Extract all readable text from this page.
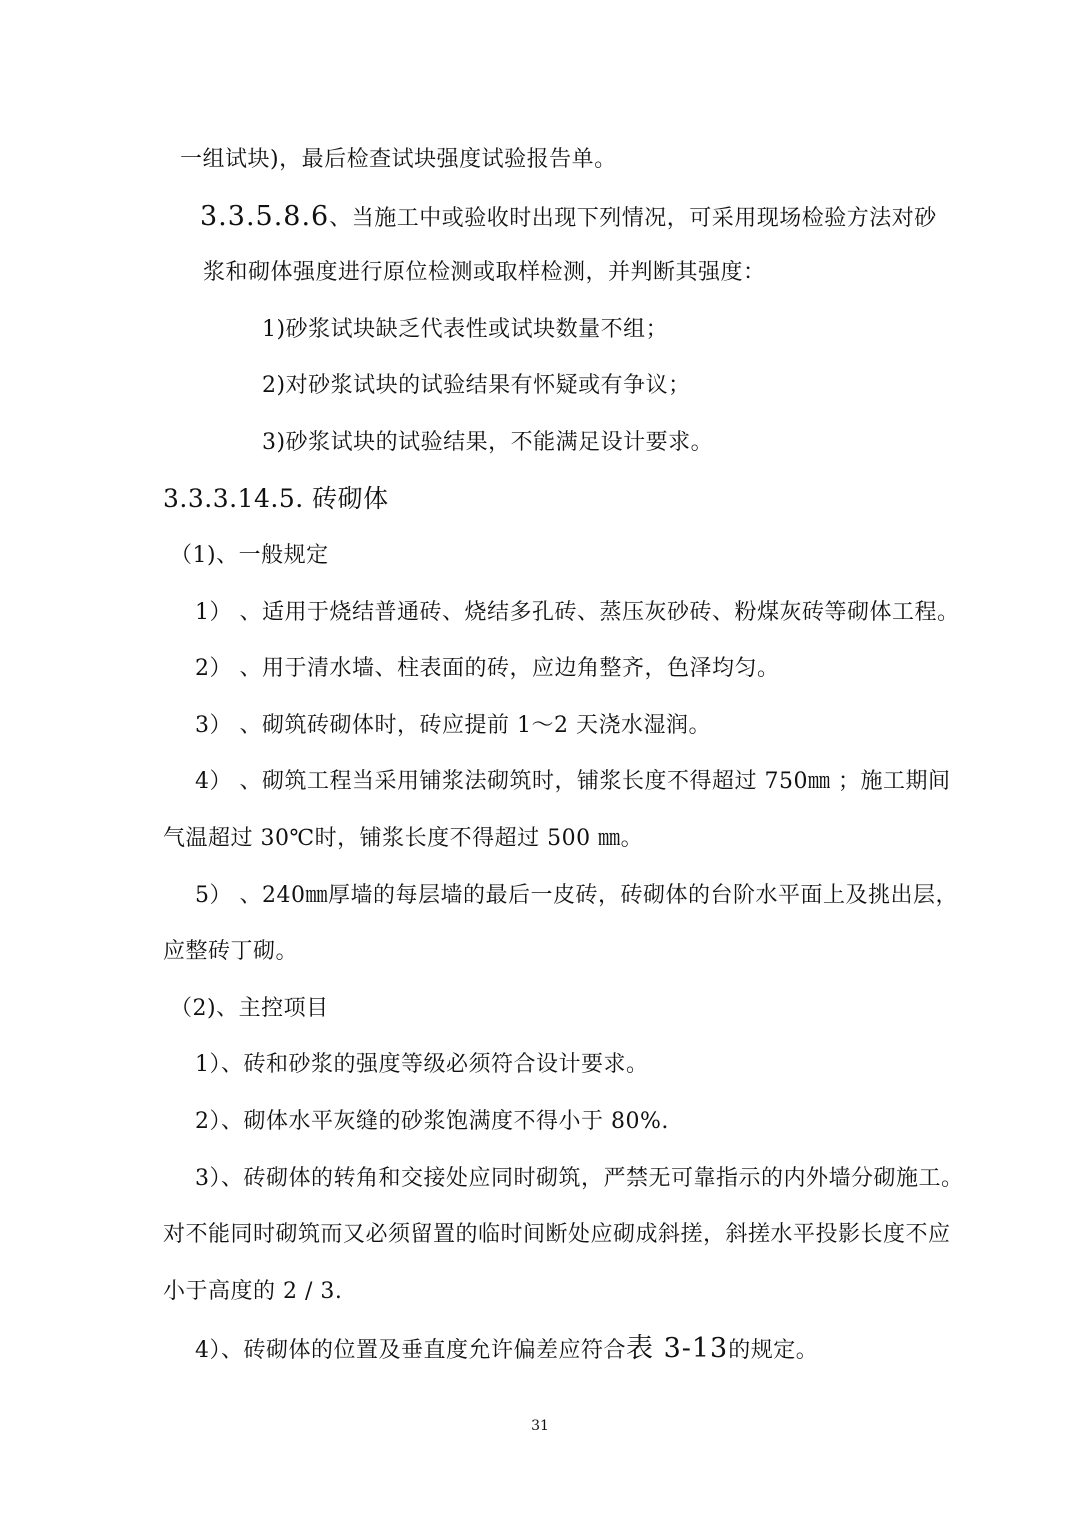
一组试块)，最后检查试块强度试验报告单。
3.3.5.8.6、当施工中或验收时出现下列情况，可采用现场检验方法对砂
浆和砌体强度进行原位检测或取样检测，并判断其强度：
1)砂浆试块缺乏代表性或试块数量不组；
2)对砂浆试块的试验结果有怀疑或有争议；
3)砂浆试块的试验结果，不能满足设计要求。
3.3.3.14.5. 砖砌体
（1)、一般规定
1） 、适用于烧结普通砖、烧结多孔砖、蒸压灰砂砖、粉煤灰砖等砌体工程。
2） 、用于清水墙、柱表面的砖，应边角整齐，色泽均匀。
3） 、砌筑砖砌体时，砖应提前 1～2 天浇水湿润。
4） 、砌筑工程当采用铺浆法砌筑时，铺浆长度不得超过 750㎜ ；施工期间
气温超过 30℃时，铺浆长度不得超过 500 ㎜。
5） 、240㎜厚墙的每层墙的最后一皮砖，砖砌体的台阶水平面上及挑出层，
应整砖丁砌。
（2)、主控项目
1）、砖和砂浆的强度等级必须符合设计要求。
2）、砌体水平灰缝的砂浆饱满度不得小于 80%.
3）、砖砌体的转角和交接处应同时砌筑，严禁无可靠指示的内外墙分砌施工。
对不能同时砌筑而又必须留置的临时间断处应砌成斜搓，斜搓水平投影长度不应
小于高度的 2 / 3.
4）、砖砌体的位置及垂直度允许偏差应符合表 3-13的规定。
31
